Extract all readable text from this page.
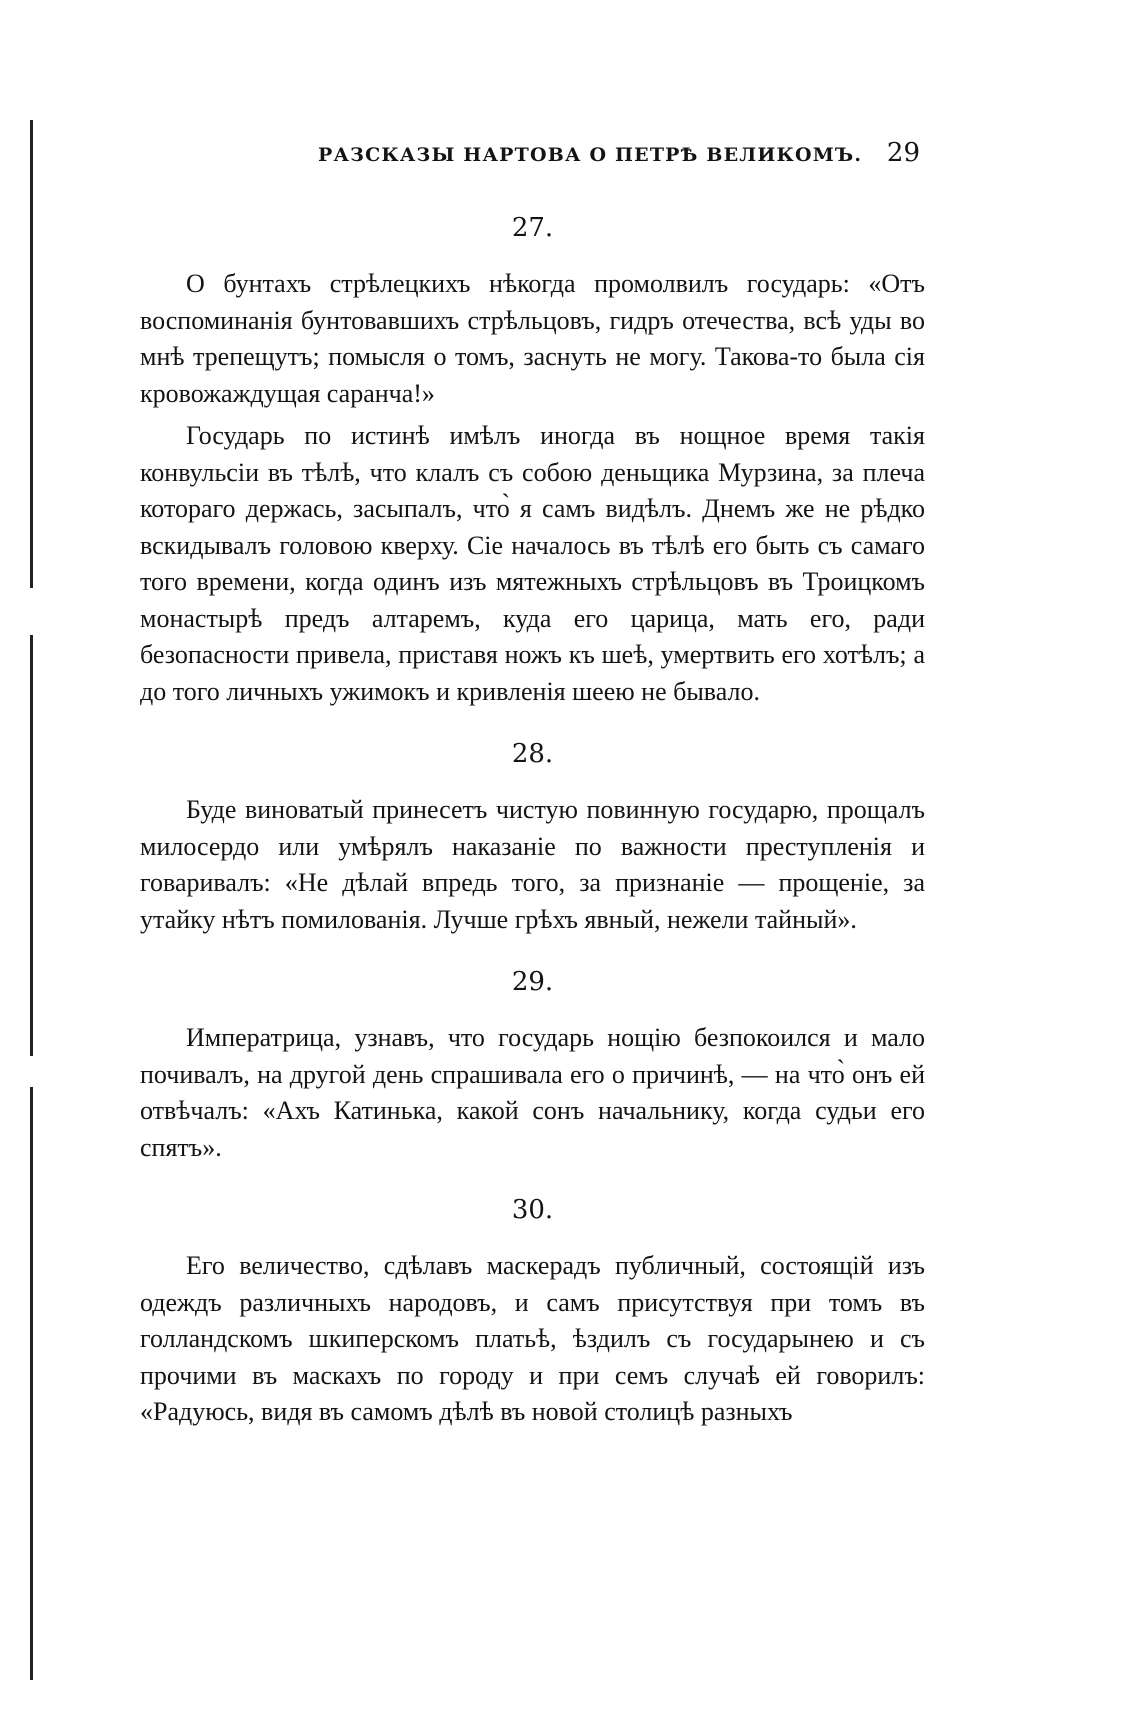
РАЗСКАЗЫ НАРТОВА О ПЕТРѢ ВЕЛИКОМЪ. 29
27.

О бунтахъ стрѣлецкихъ нѣкогда промолвилъ государь: «Отъ воспоминанія бунтовавшихъ стрѣльцовъ, гидръ отечества, всѣ уды во мнѣ трепещутъ; помысля о томъ, заснуть не могу. Такова-то была сія кровожаждущая саранча!»

Государь по истинѣ имѣлъ иногда въ нощное время такія конвульсіи въ тѣлѣ, что клалъ съ собою деньщика Мурзина, за плеча котораго держась, засыпалъ, что̀ я самъ видѣлъ. Днемъ же не рѣдко вскидывалъ головою кверху. Сіе началось въ тѣлѣ его быть съ самаго того времени, когда одинъ изъ мятежныхъ стрѣльцовъ въ Троицкомъ монастырѣ предъ алтаремъ, куда его царица, мать его, ради безопасности привела, приставя ножъ къ шеѣ, умертвить его хотѣлъ; а до того личныхъ ужимокъ и кривленія шеею не бывало.

28.

Буде виноватый принесетъ чистую повинную государю, прощалъ милосердо или умѣрялъ наказаніе по важности преступленія и говаривалъ: «Не дѣлай впредь того, за признаніе — прощеніе, за утайку нѣтъ помилованія. Лучше грѣхъ явный, нежели тайный».

29.

Императрица, узнавъ, что государь нощію безпокоился и мало почивалъ, на другой день спрашивала его о причинѣ, — на что̀ онъ ей отвѣчалъ: «Ахъ Катинька, какой сонъ начальнику, когда судьи его спятъ».

30.

Его величество, сдѣлавъ маскерадъ публичный, состоящій изъ одеждъ различныхъ народовъ, и самъ присутствуя при томъ въ голландскомъ шкиперскомъ платьѣ, ѣздилъ съ государынею и съ прочими въ маскахъ по городу и при семъ случаѣ ей говорилъ: «Радуюсь, видя въ самомъ дѣлѣ въ новой столицѣ разныхъ
